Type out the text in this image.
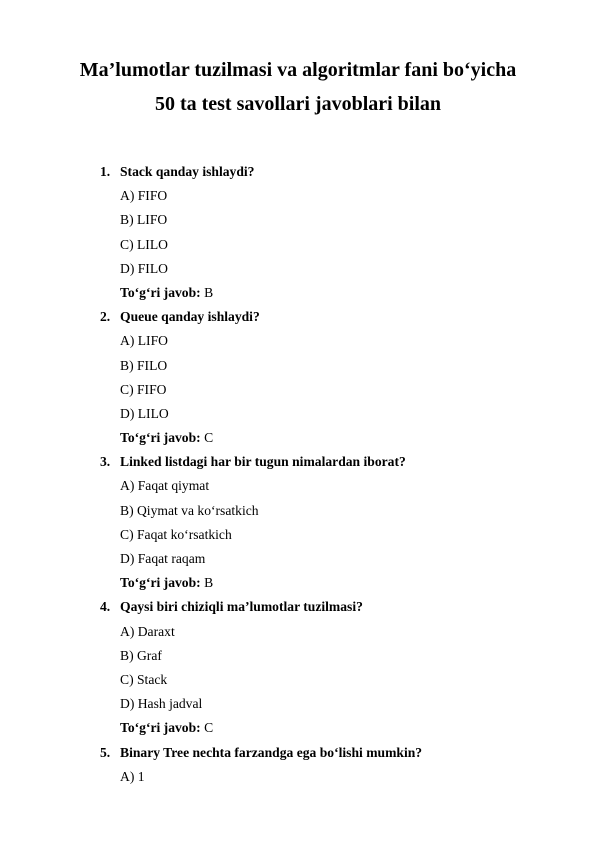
Ma’lumotlar tuzilmasi va algoritmlar fani bo‘yicha
50 ta test savollari javoblari bilan
1. Stack qanday ishlaydi?
A) FIFO
B) LIFO
C) LILO
D) FILO
To‘g‘ri javob: B
2. Queue qanday ishlaydi?
A) LIFO
B) FILO
C) FIFO
D) LILO
To‘g‘ri javob: C
3. Linked listdagi har bir tugun nimalardan iborat?
A) Faqat qiymat
B) Qiymat va ko‘rsatkich
C) Faqat ko‘rsatkich
D) Faqat raqam
To‘g‘ri javob: B
4. Qaysi biri chiziqli ma’lumotlar tuzilmasi?
A) Daraxt
B) Graf
C) Stack
D) Hash jadval
To‘g‘ri javob: C
5. Binary Tree nechta farzandga ega bo‘lishi mumkin?
A) 1
